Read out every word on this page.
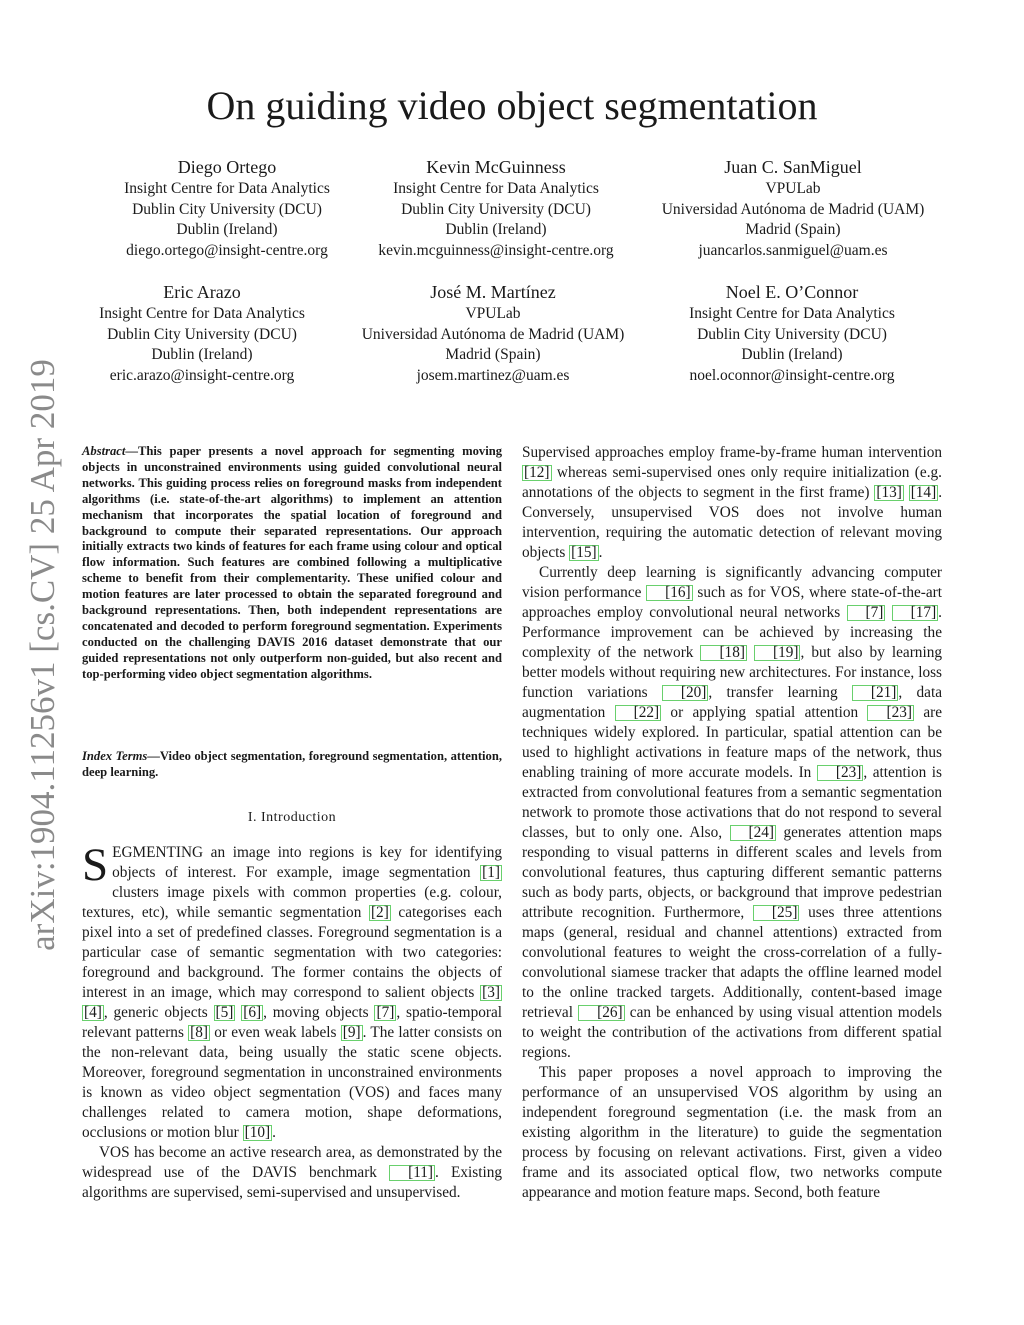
arXiv:1904.11256v1 [cs.CV] 25 Apr 2019
On guiding video object segmentation
Diego Ortego
Insight Centre for Data Analytics
Dublin City University (DCU)
Dublin (Ireland)
diego.ortego@insight-centre.org
Kevin McGuinness
Insight Centre for Data Analytics
Dublin City University (DCU)
Dublin (Ireland)
kevin.mcguinness@insight-centre.org
Juan C. SanMiguel
VPULab
Universidad Autónoma de Madrid (UAM)
Madrid (Spain)
juancarlos.sanmiguel@uam.es
Eric Arazo
Insight Centre for Data Analytics
Dublin City University (DCU)
Dublin (Ireland)
eric.arazo@insight-centre.org
José M. Martínez
VPULab
Universidad Autónoma de Madrid (UAM)
Madrid (Spain)
josem.martinez@uam.es
Noel E. O’Connor
Insight Centre for Data Analytics
Dublin City University (DCU)
Dublin (Ireland)
noel.oconnor@insight-centre.org

Abstract—This paper presents a novel approach for segmenting moving objects in unconstrained environments using guided convolutional neural networks. This guiding process relies on foreground masks from independent algorithms (i.e. state-of-the-art algorithms) to implement an attention mechanism that incorporates the spatial location of foreground and background to compute their separated representations. Our approach initially extracts two kinds of features for each frame using colour and optical flow information. Such features are combined following a multiplicative scheme to benefit from their complementarity. These unified colour and motion features are later processed to obtain the separated foreground and background representations. Then, both independent representations are concatenated and decoded to perform foreground segmentation. Experiments conducted on the challenging DAVIS 2016 dataset demonstrate that our guided representations not only outperform non-guided, but also recent and top-performing video object segmentation algorithms.

Index Terms—Video object segmentation, foreground segmentation, attention, deep learning.

I. Introduction

SEGMENTING an image into regions is key for identifying objects of interest. For example, image segmentation [1] clusters image pixels with common properties (e.g. colour, textures, etc), while semantic segmentation [2] categorises each pixel into a set of predefined classes. Foreground segmentation is a particular case of semantic segmentation with two categories: foreground and background. The former contains the objects of interest in an image, which may correspond to salient objects [3] [4] , generic objects [5] [6] , moving objects [7] , spatio-temporal relevant patterns [8] or even weak labels [9] . The latter consists on the non-relevant data, being usually the static scene objects. Moreover, foreground segmentation in unconstrained environments is known as video object segmentation (VOS) and faces many challenges related to camera motion, shape deformations, occlusions or motion blur [10] .

VOS has become an active research area, as demonstrated by the widespread use of the DAVIS benchmark [11] . Existing algorithms are supervised, semi-supervised and unsupervised.

Supervised approaches employ frame-by-frame human intervention [12] whereas semi-supervised ones only require initialization (e.g. annotations of the objects to segment in the first frame) [13] [14] . Conversely, unsupervised VOS does not involve human intervention, requiring the automatic detection of relevant moving objects [15] .

Currently deep learning is significantly advancing computer vision performance [16] such as for VOS, where state-of-the-art approaches employ convolutional neural networks [7] [17] . Performance improvement can be achieved by increasing the complexity of the network [18] [19] , but also by learning better models without requiring new architectures. For instance, loss function variations [20] , transfer learning [21] , data augmentation [22] or applying spatial attention [23] are techniques widely explored. In particular, spatial attention can be used to highlight activations in feature maps of the network, thus enabling training of more accurate models. In [23] , attention is extracted from convolutional features from a semantic segmentation network to promote those activations that do not respond to several classes, but to only one. Also, [24] generates attention maps responding to visual patterns in different scales and levels from convolutional features, thus capturing different semantic patterns such as body parts, objects, or background that improve pedestrian attribute recognition. Furthermore, [25] uses three attentions maps (general, residual and channel attentions) extracted from convolutional features to weight the cross-correlation of a fully-convolutional siamese tracker that adapts the offline learned model to the online tracked targets. Additionally, content-based image retrieval [26] can be enhanced by using visual attention models to weight the contribution of the activations from different spatial regions.

This paper proposes a novel approach to improving the performance of an unsupervised VOS algorithm by using an independent foreground segmentation (i.e. the mask from an existing algorithm in the literature) to guide the segmentation process by focusing on relevant activations. First, given a video frame and its associated optical flow, two networks compute appearance and motion feature maps. Second, both feature
